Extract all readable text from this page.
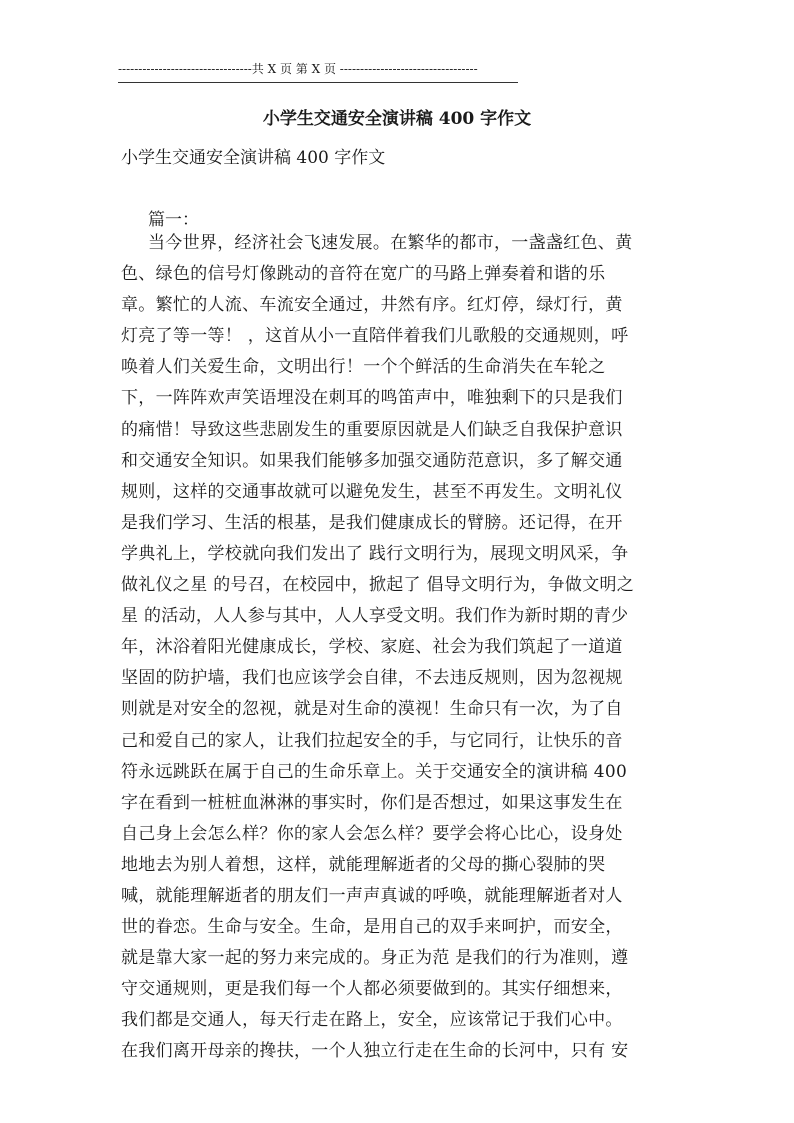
---------------------------------共 X 页 第 X 页 ----------------------------------
小学生交通安全演讲稿 400 字作文
小学生交通安全演讲稿 400 字作文
篇一：
当今世界，经济社会飞速发展。在繁华的都市，一盏盏红色、黄
色、绿色的信号灯像跳动的音符在宽广的马路上弹奏着和谐的乐
章。繁忙的人流、车流安全通过，井然有序。红灯停，绿灯行，黄
灯亮了等一等！ ，这首从小一直陪伴着我们儿歌般的交通规则，呼
唤着人们关爱生命，文明出行！一个个鲜活的生命消失在车轮之
下，一阵阵欢声笑语埋没在刺耳的鸣笛声中，唯独剩下的只是我们
的痛惜！导致这些悲剧发生的重要原因就是人们缺乏自我保护意识
和交通安全知识。如果我们能够多加强交通防范意识，多了解交通
规则，这样的交通事故就可以避免发生，甚至不再发生。文明礼仪
是我们学习、生活的根基，是我们健康成长的臂膀。还记得，在开
学典礼上，学校就向我们发出了 践行文明行为，展现文明风采，争
做礼仪之星 的号召，在校园中，掀起了 倡导文明行为，争做文明之
星 的活动，人人参与其中，人人享受文明。我们作为新时期的青少
年，沐浴着阳光健康成长，学校、家庭、社会为我们筑起了一道道
坚固的防护墙，我们也应该学会自律，不去违反规则，因为忽视规
则就是对安全的忽视，就是对生命的漠视！生命只有一次，为了自
己和爱自己的家人，让我们拉起安全的手，与它同行，让快乐的音
符永远跳跃在属于自己的生命乐章上。关于交通安全的演讲稿 400
字在看到一桩桩血淋淋的事实时，你们是否想过，如果这事发生在
自己身上会怎么样？你的家人会怎么样？要学会将心比心，设身处
地地去为别人着想，这样，就能理解逝者的父母的撕心裂肺的哭
喊，就能理解逝者的朋友们一声声真诚的呼唤，就能理解逝者对人
世的眷恋。生命与安全。生命，是用自己的双手来呵护，而安全，
就是靠大家一起的努力来完成的。身正为范 是我们的行为准则，遵
守交通规则，更是我们每一个人都必须要做到的。其实仔细想来，
我们都是交通人，每天行走在路上，安全，应该常记于我们心中。
在我们离开母亲的搀扶，一个人独立行走在生命的长河中，只有 安
